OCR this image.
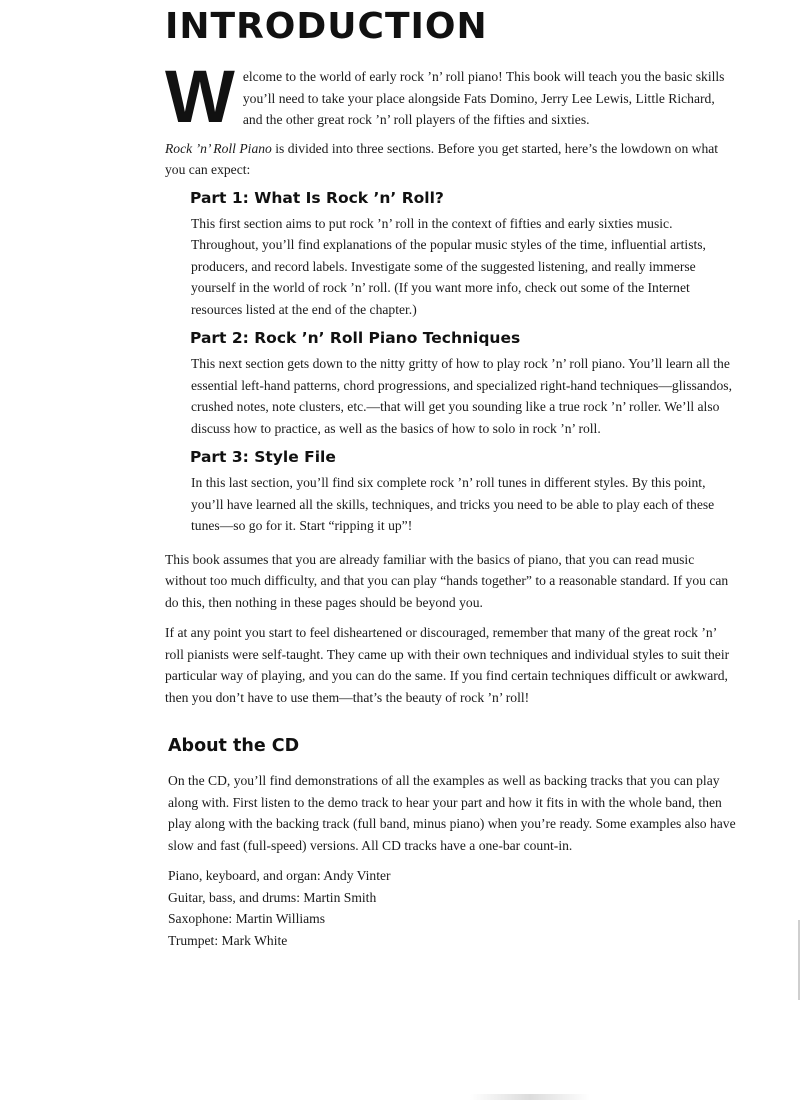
INTRODUCTION

Welcome to the world of early rock ’n’ roll piano! This book will teach you the basic skills you’ll need to take your place alongside Fats Domino, Jerry Lee Lewis, Little Richard, and the other great rock ’n’ roll players of the fifties and sixties.

Rock ’n’ Roll Piano is divided into three sections. Before you get started, here’s the lowdown on what you can expect:

Part 1: What Is Rock ’n’ Roll?

This first section aims to put rock ’n’ roll in the context of fifties and early sixties music. Throughout, you’ll find explanations of the popular music styles of the time, influential artists, producers, and record labels. Investigate some of the suggested listening, and really immerse yourself in the world of rock ’n’ roll. (If you want more info, check out some of the Internet resources listed at the end of the chapter.)

Part 2: Rock ’n’ Roll Piano Techniques

This next section gets down to the nitty gritty of how to play rock ’n’ roll piano. You’ll learn all the essential left-hand patterns, chord progressions, and specialized right-hand techniques—glissandos, crushed notes, note clusters, etc.—that will get you sounding like a true rock ’n’ roller. We’ll also discuss how to practice, as well as the basics of how to solo in rock ’n’ roll.

Part 3: Style File

In this last section, you’ll find six complete rock ’n’ roll tunes in different styles. By this point, you’ll have learned all the skills, techniques, and tricks you need to be able to play each of these tunes—so go for it. Start “ripping it up”!

This book assumes that you are already familiar with the basics of piano, that you can read music without too much difficulty, and that you can play “hands together” to a reasonable standard. If you can do this, then nothing in these pages should be beyond you.

If at any point you start to feel disheartened or discouraged, remember that many of the great rock ’n’ roll pianists were self-taught. They came up with their own techniques and individual styles to suit their particular way of playing, and you can do the same. If you find certain techniques difficult or awkward, then you don’t have to use them—that’s the beauty of rock ’n’ roll!

About the CD

On the CD, you’ll find demonstrations of all the examples as well as backing tracks that you can play along with. First listen to the demo track to hear your part and how it fits in with the whole band, then play along with the backing track (full band, minus piano) when you’re ready. Some examples also have slow and fast (full-speed) versions. All CD tracks have a one-bar count-in.

Piano, keyboard, and organ: Andy Vinter
Guitar, bass, and drums: Martin Smith
Saxophone: Martin Williams
Trumpet: Mark White
